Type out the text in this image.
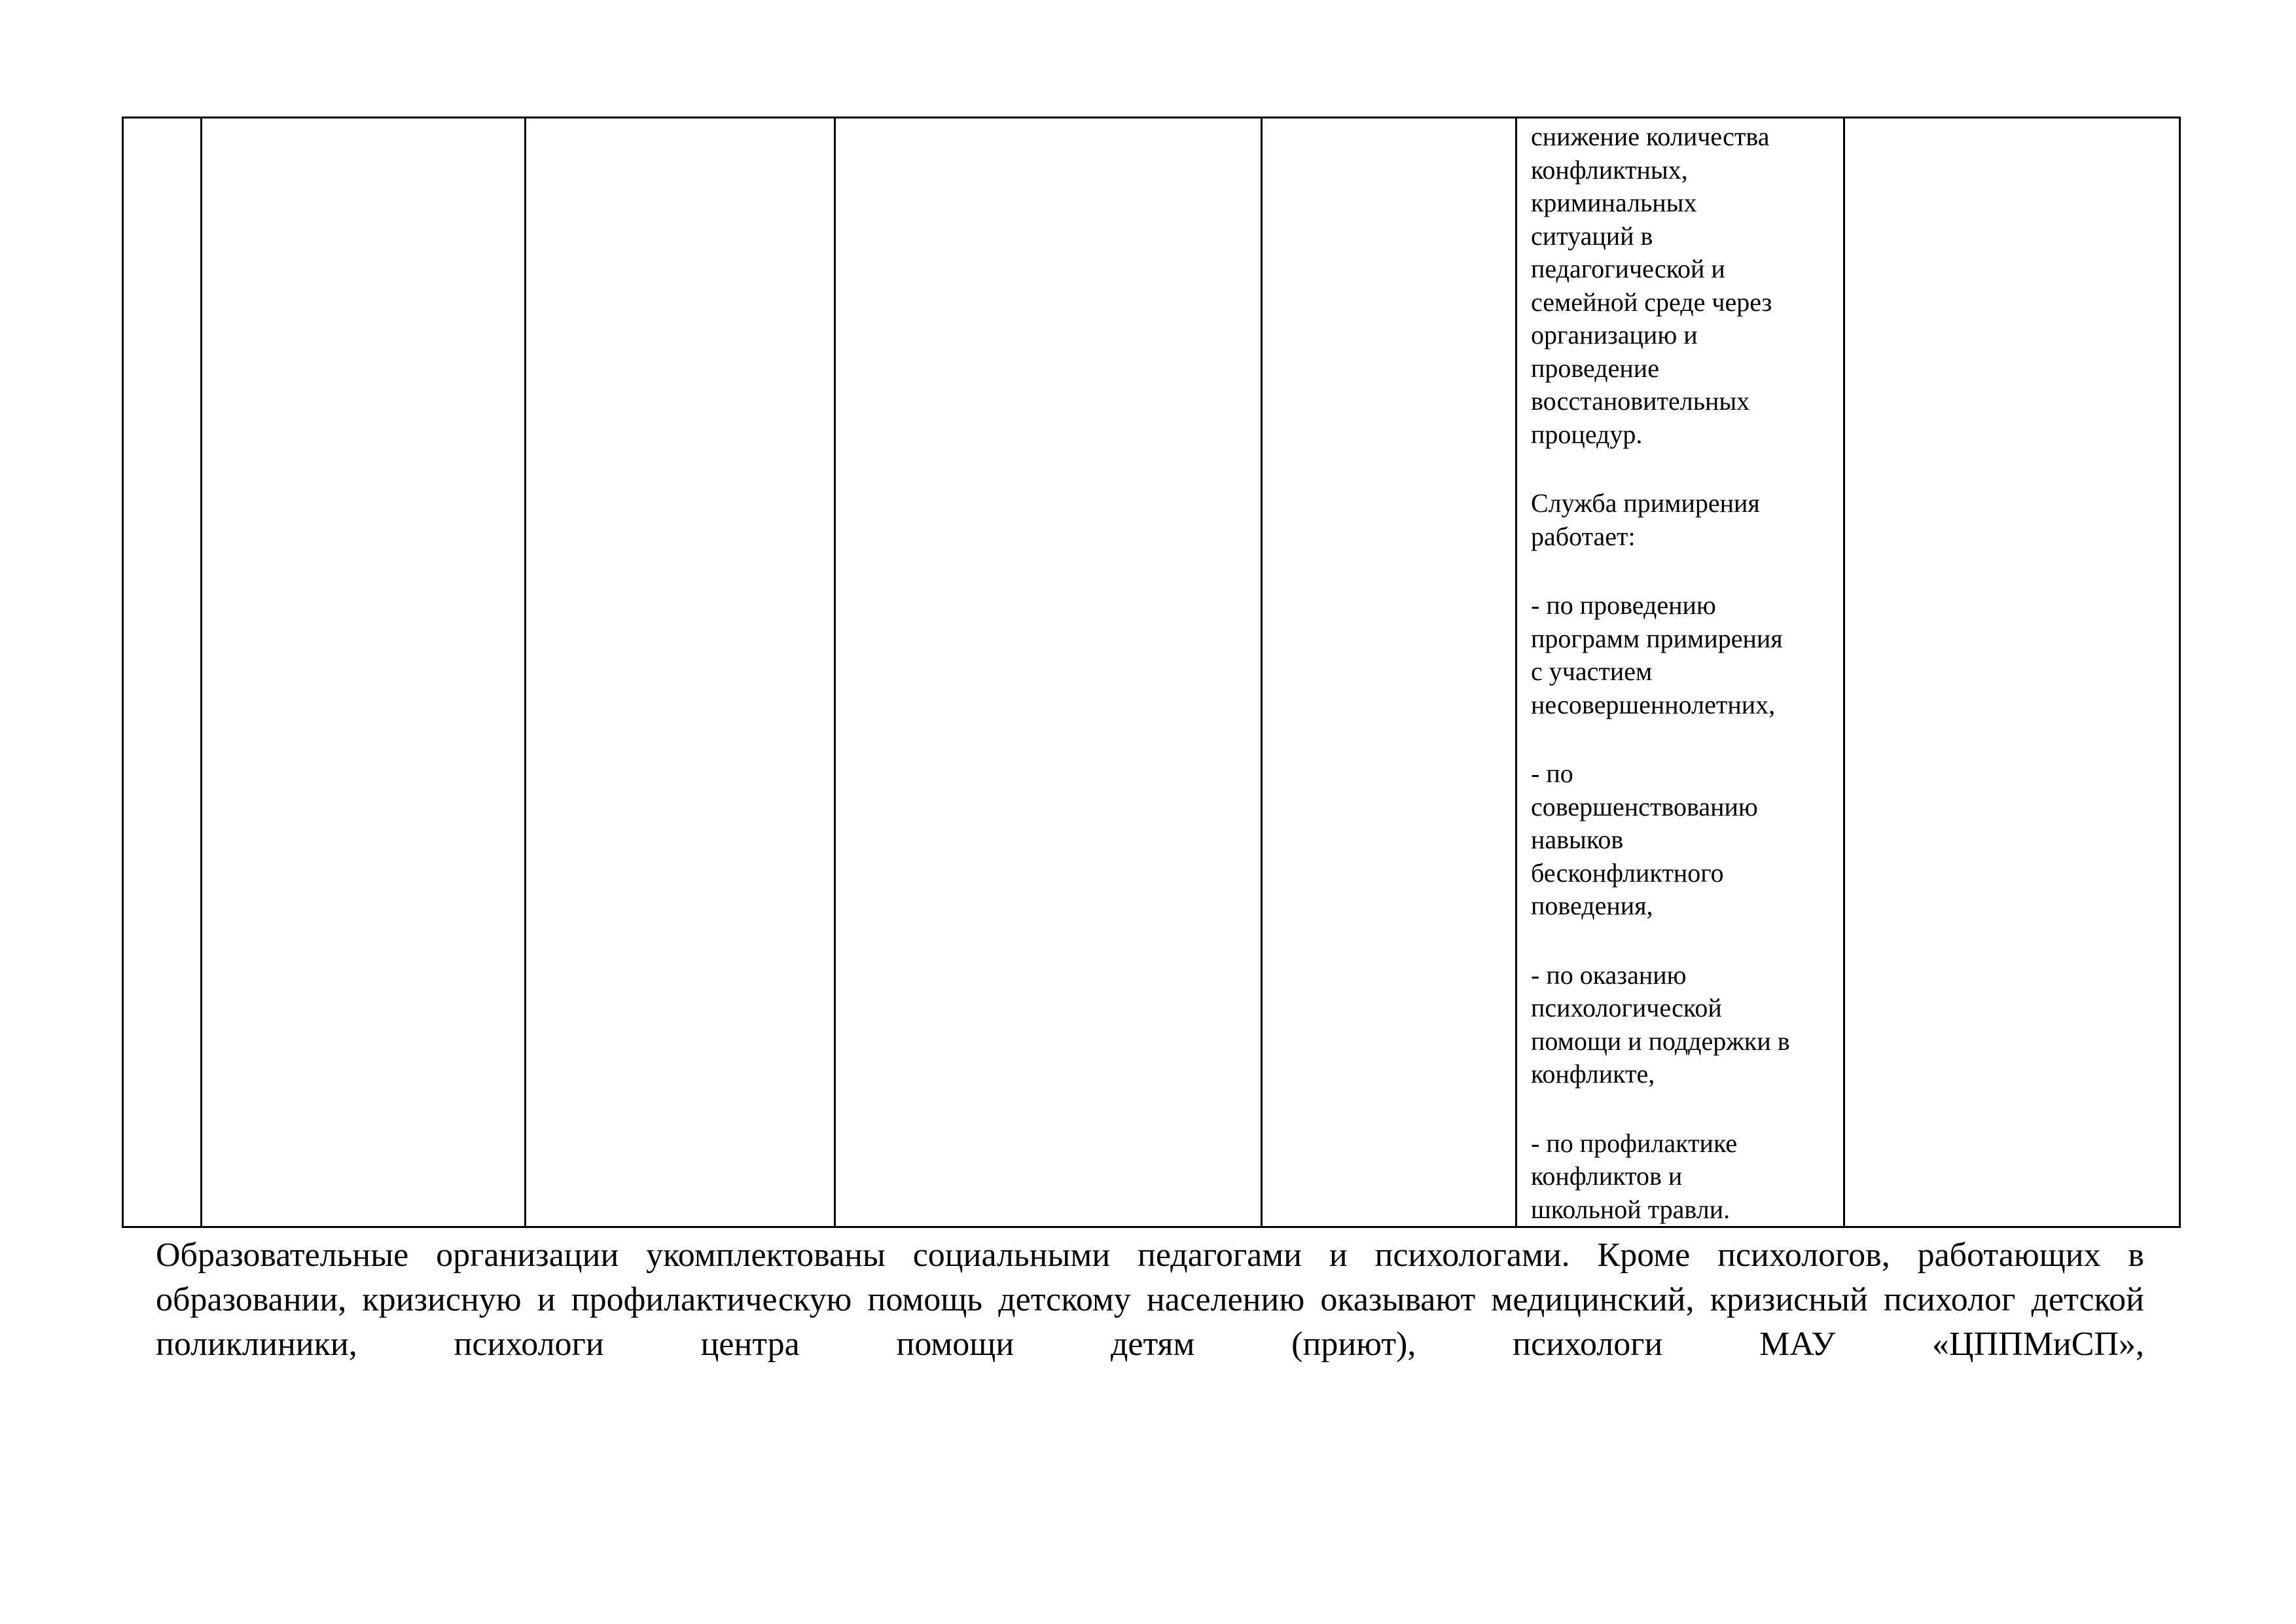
снижение количества
конфликтных,
криминальных
ситуаций в
педагогической и
семейной среде через
организацию и
проведение
восстановительных
процедур.

Служба примирения
работает:

- по проведению
программ примирения
с участием
несовершеннолетних,

- по
совершенствованию
навыков
бесконфликтного
поведения,

- по оказанию
психологической
помощи и поддержки в
конфликте,

- по профилактике
конфликтов и
школьной травли.

Образовательные организации укомплектованы социальными педагогами и психологами. Кроме психологов, работающих в образовании, кризисную и профилактическую помощь детскому населению оказывают медицинский, кризисный психолог детской поликлиники, психологи центра помощи детям (приют), психологи МАУ «ЦППМиСП»,
